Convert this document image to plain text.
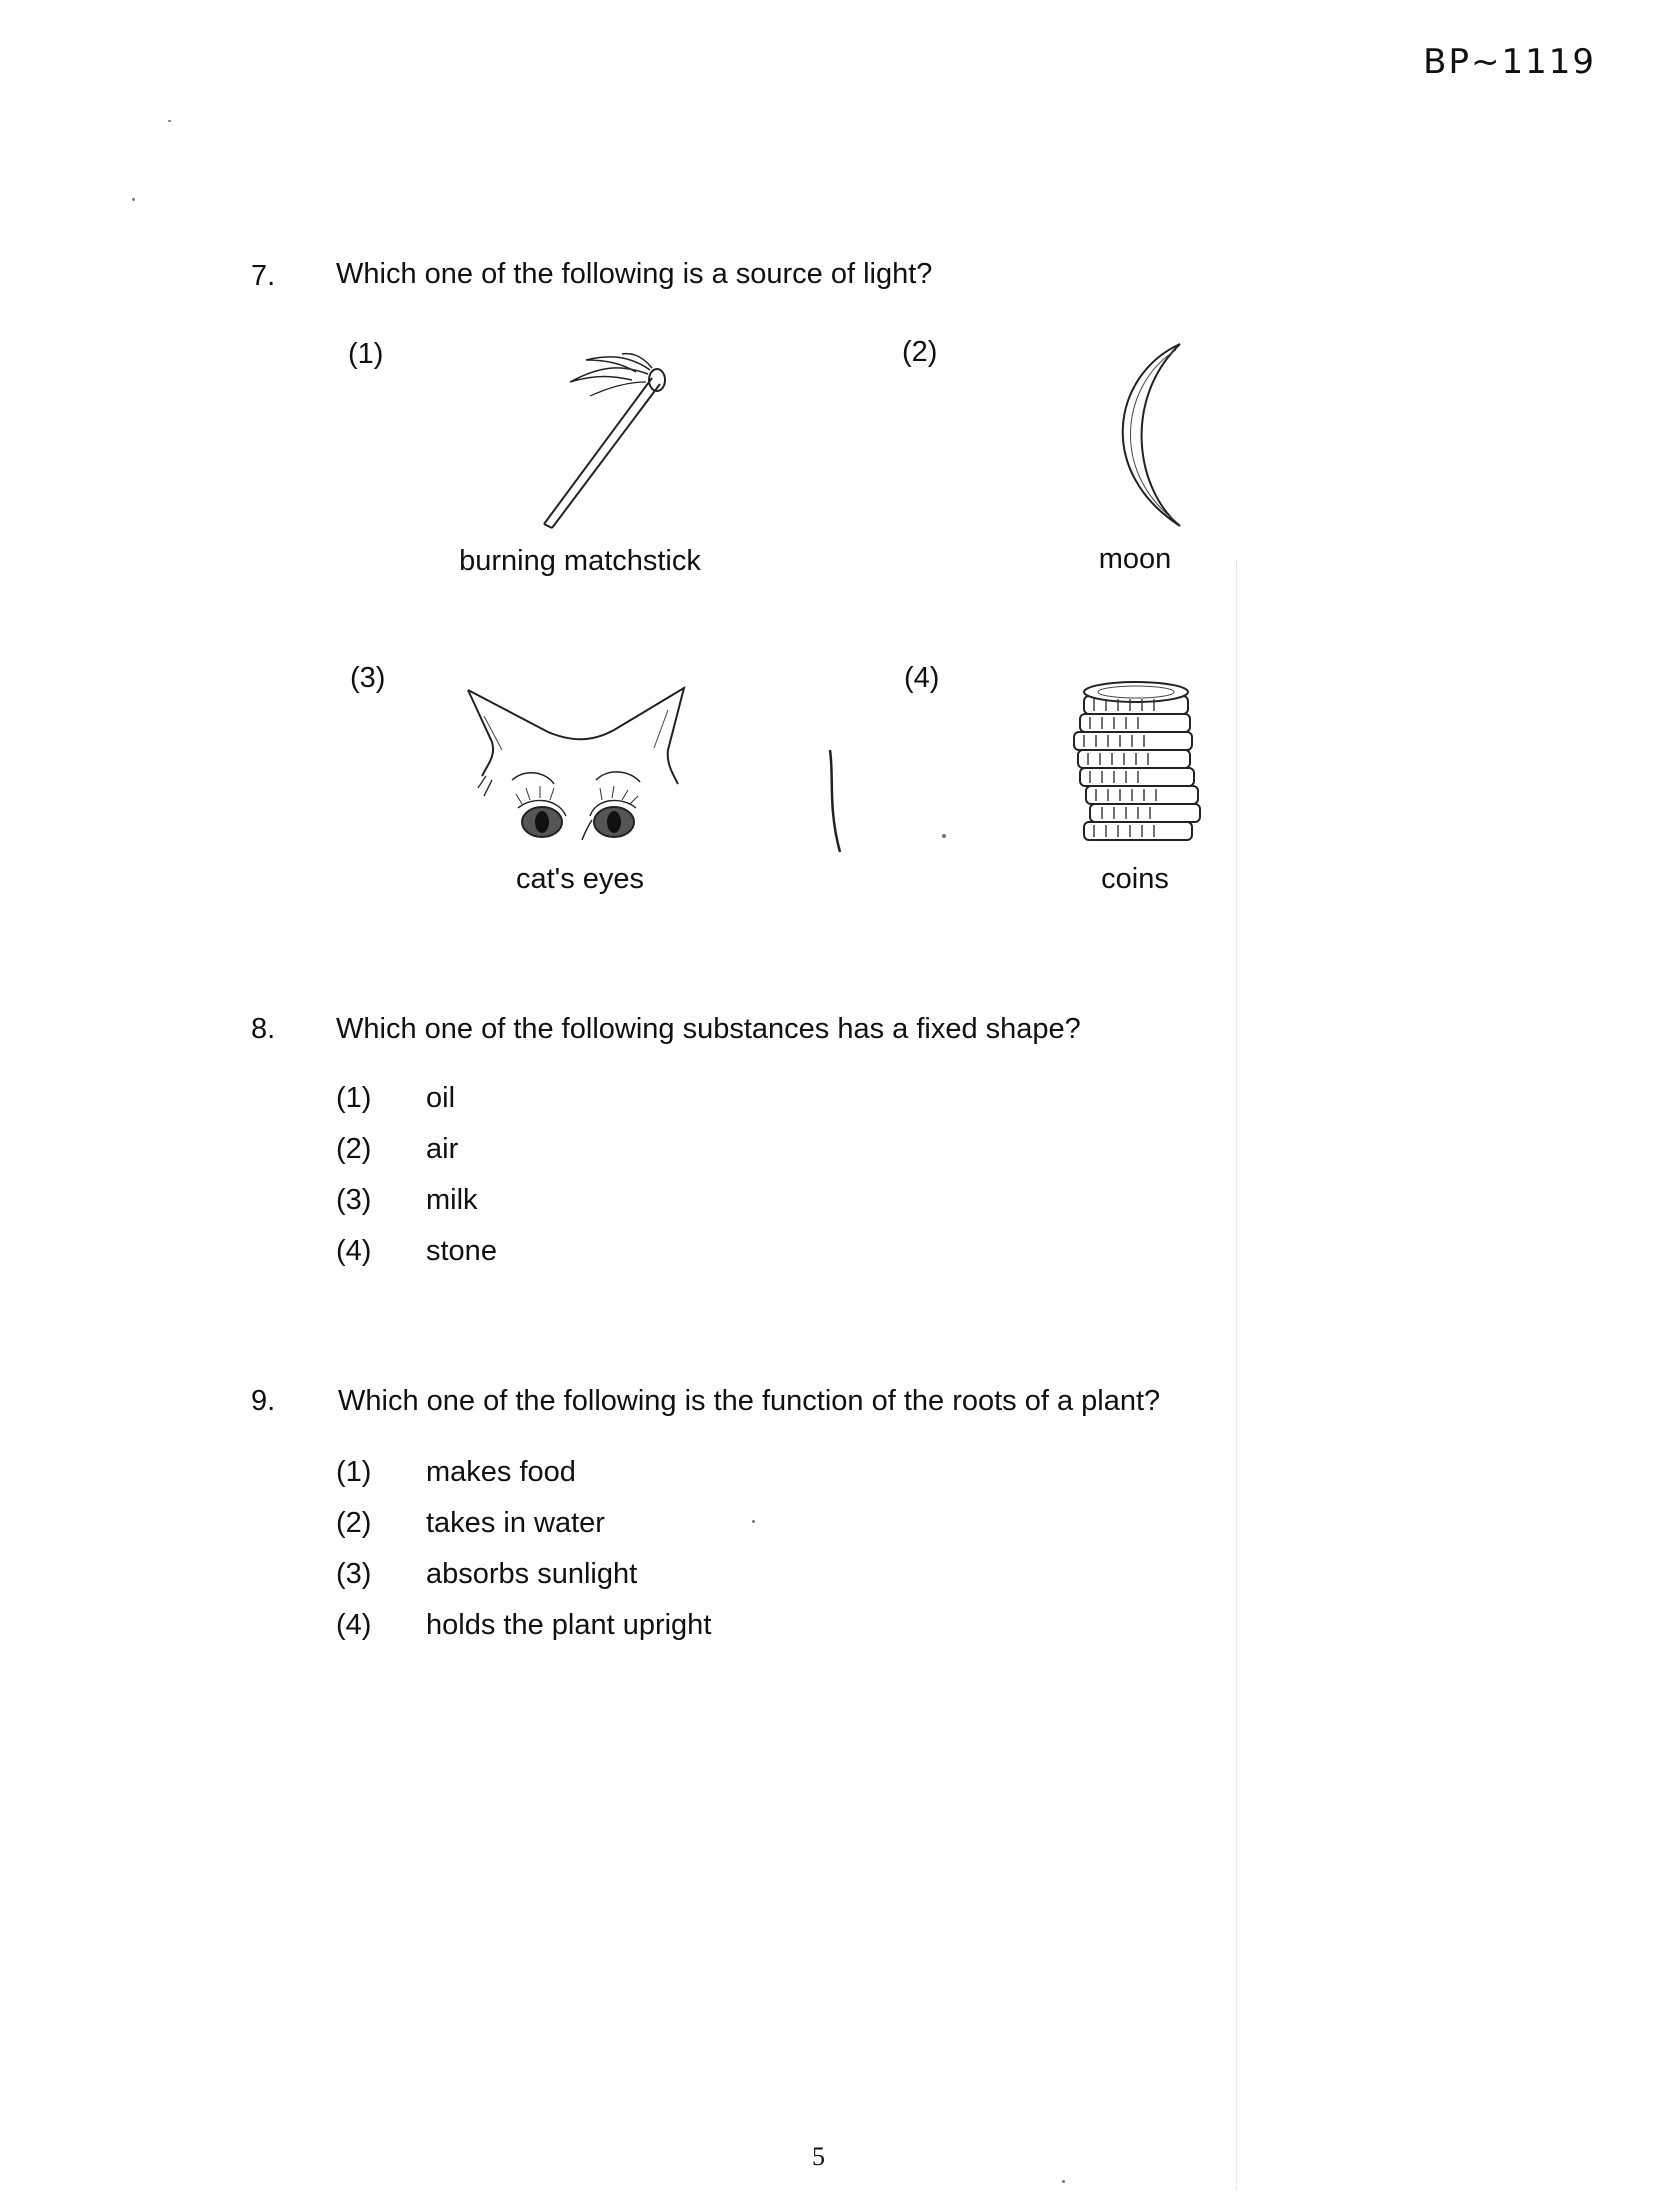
BP~1119
7. Which one of the following is a source of light?
(1)
burning matchstick
(2)
moon
(3)
cat's eyes
(4)
coins
8. Which one of the following substances has a fixed shape?
(1) oil
(2) air
(3) milk
(4) stone
9. Which one of the following is the function of the roots of a plant?
(1) makes food
(2) takes in water
(3) absorbs sunlight
(4) holds the plant upright
5
